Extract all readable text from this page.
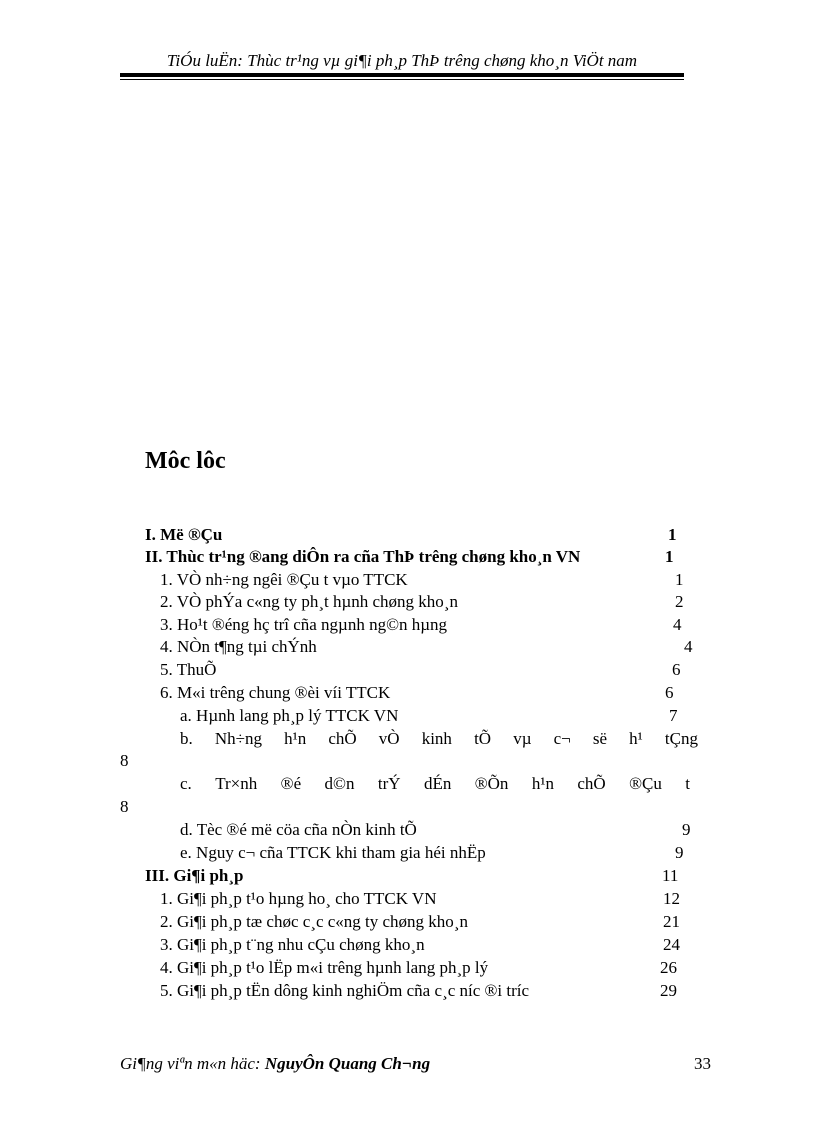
TiÓu luËn: Thùc tr¹ng vµ gi¶i ph¸p ThÞ trêng chøng kho¸n ViÖt nam
Môc lôc
I. Më ®Çu	1
II. Thùc tr¹ng ®ang diÔn ra cña ThÞ trêng chøng kho¸n VN	1
1. VÒ nh÷ng ngêi ®Çu t vµo TTCK	1
2. VÒ phÝa c«ng ty ph¸t hµnh chøng kho¸n	2
3. Ho¹t ®éng hç trî cña ngµnh ng©n hµng	4
4. NÒn t¶ng tµi chÝnh	4
5. ThuÕ	6
6. M«i trêng chung ®èi víi TTCK	6
a. Hµnh lang ph¸p lý TTCK VN	7
b. Nh÷ng h¹n chÕ vÒ kinh tÕ vµ c¬ së h¹ tÇng
8
c. Tr×nh ®é d©n trÝ dÉn ®Õn h¹n chÕ ®Çu t
8
d. Tèc ®é më cöa cña nÒn kinh tÕ	9
e. Nguy c¬ cña TTCK khi tham gia héi nhËp	9
III. Gi¶i ph¸p	11
1. Gi¶i ph¸p t¹o hµng ho¸ cho TTCK VN	12
2. Gi¶i ph¸p tæ chøc c¸c c«ng ty chøng kho¸n	21
3. Gi¶i ph¸p t¨ng nhu cÇu chøng kho¸n	24
4. Gi¶i ph¸p t¹o lËp m«i trêng hµnh lang ph¸p lý	26
5. Gi¶i ph¸p tËn dông kinh nghiÖm cña c¸c níc ®i tríc	29
Gi¶ng viªn m«n häc: NguyÔn Quang Ch¬ng	33
